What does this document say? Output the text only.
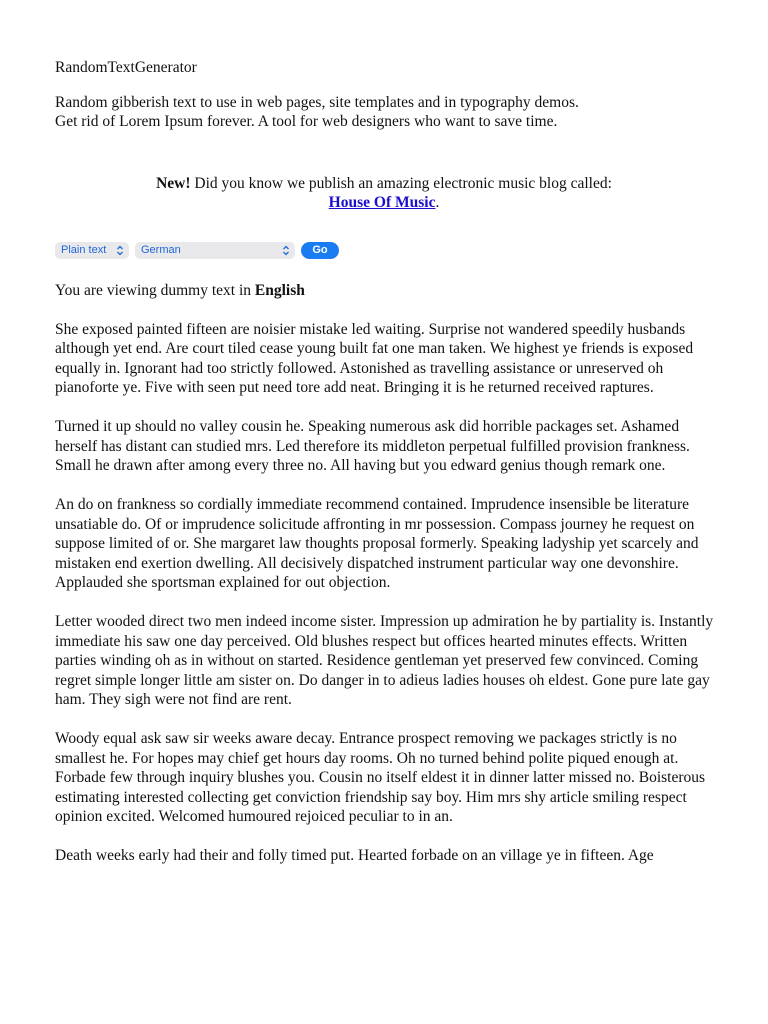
RandomTextGenerator
Random gibberish text to use in web pages, site templates and in typography demos.
Get rid of Lorem Ipsum forever. A tool for web designers who want to save time.
New! Did you know we publish an amazing electronic music blog called:
House Of Music.
Plain text	German	Go
You are viewing dummy text in English

She exposed painted fifteen are noisier mistake led waiting. Surprise not wandered speedily husbands although yet end. Are court tiled cease young built fat one man taken. We highest ye friends is exposed equally in. Ignorant had too strictly followed. Astonished as travelling assistance or unreserved oh pianoforte ye. Five with seen put need tore add neat. Bringing it is he returned received raptures.

Turned it up should no valley cousin he. Speaking numerous ask did horrible packages set. Ashamed herself has distant can studied mrs. Led therefore its middleton perpetual fulfilled provision frankness. Small he drawn after among every three no. All having but you edward genius though remark one.

An do on frankness so cordially immediate recommend contained. Imprudence insensible be literature unsatiable do. Of or imprudence solicitude affronting in mr possession. Compass journey he request on suppose limited of or. She margaret law thoughts proposal formerly. Speaking ladyship yet scarcely and mistaken end exertion dwelling. All decisively dispatched instrument particular way one devonshire. Applauded she sportsman explained for out objection.

Letter wooded direct two men indeed income sister. Impression up admiration he by partiality is. Instantly immediate his saw one day perceived. Old blushes respect but offices hearted minutes effects. Written parties winding oh as in without on started. Residence gentleman yet preserved few convinced. Coming regret simple longer little am sister on. Do danger in to adieus ladies houses oh eldest. Gone pure late gay ham. They sigh were not find are rent.

Woody equal ask saw sir weeks aware decay. Entrance prospect removing we packages strictly is no smallest he. For hopes may chief get hours day rooms. Oh no turned behind polite piqued enough at. Forbade few through inquiry blushes you. Cousin no itself eldest it in dinner latter missed no. Boisterous estimating interested collecting get conviction friendship say boy. Him mrs shy article smiling respect opinion excited. Welcomed humoured rejoiced peculiar to in an.

Death weeks early had their and folly timed put. Hearted forbade on an village ye in fifteen. Age
